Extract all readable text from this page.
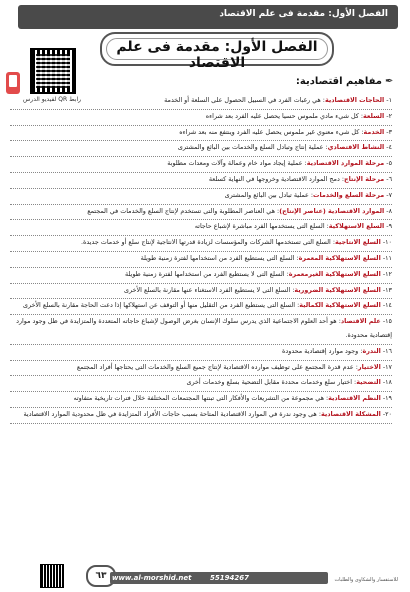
الفصل الأول: مقدمة فى علم الاقتصاد
رابط QR لفيديو الدرس
الفصل الأول: مقدمة فى علم الاقتصاد
✒
مفاهيم اقتصادية:
١- الحاجات الاقتصادية: هي رغبات الفرد في السبيل الحصول على السلعة أو الخدمة
٢- السلعة: كل شيء مادي ملموس حسيا يحصل عليه الفرد بعد شراءه
٣- الخدمة: كل شيء معنوي غير ملموس يحصل عليه الفرد وينتفع منه بعد شراءه
٤- النشاط الاقتصادي: عملية إنتاج وتبادل السلع والخدمات بين البائع والمشترى
٥- مرحلة الموارد الاقتصادية: عملية إيجاد مواد خام وعمالة وآلات ومعدات مطلوبة
٦- مرحلة الإنتاج: دمج الموارد الاقتصادية وخروجها في النهاية كسلعة
٧- مرحلة السلع والخدمات: عملية تبادل بين البائع والمشترى
٨- الموارد الاقتصادية (عناصر الإنتاج): هي العناصر المطلوبة والتى تستخدم لإنتاج السلع والخدمات في المجتمع
٩- السلع الاستهلاكية: السلع التى يستخدمها الفرد مباشرة لإشباع حاجاته
١٠- السلع الانتاجية: السلع التى تستخدمها الشركات والمؤسسات لزيادة قدرتها الانتاجية لإنتاج سلع أو خدمات جديدة.
١١- السلع الاستهلاكية المعمرة: السلع التى يستطيع الفرد من استخدامها لفترة زمنية طويلة
١٢- السلع الاستهلاكية الغيرمعمرة: السلع التى لا يستطيع الفرد من استخدامها لفترة زمنية طويلة
١٣- السلع الاستهلاكية الضرورية: السلع التى لا يستطيع الفرد الاستغناء عنها مقارنة بالسلع الأخرى
١٤- السلع الاستهلاكية الكمالية: السلع التى يستطيع الفرد من التقليل منها أو التوقف عن استهلاكها إذا دعت الحاجة مقارنة بالسلع الأخرى
١٥- علم الاقتصاد: هو أحد العلوم الاجتماعية الذي يدرس سلوك الإنسان بغرض الوصول لإشباع حاجاته المتعددة والمتزايدة في ظل وجود موارد إقتصادية محدودة.
١٦- الندرة: وجود موارد إقتصادية محدودة
١٧- الاختيار: عدم قدرة المجتمع على توظيف موارده الاقتصادية لإنتاج جميع السلع والخدمات التى يحتاجها أفراد المجتمع
١٨- التضحية: اختيار سلع وخدمات محددة مقابل التضحية بسلع وخدمات أخرى
١٩- النظم الاقتصادية: هي مجموعة من التشريعات والأفكار التى تبنتها المجتمعات المختلفة خلال فترات تاريخية متفاوته
٢٠- المشكلة الاقتصادية: هى وجود ندرة في الموارد الاقتصادية المتاحة بسبب حاجات الأفراد المتزايدة في ظل محدودية الموارد الاقتصادية
٦٣ www.al-morshid.net	55194267	للاستفسار والشكاوى والطلبات
